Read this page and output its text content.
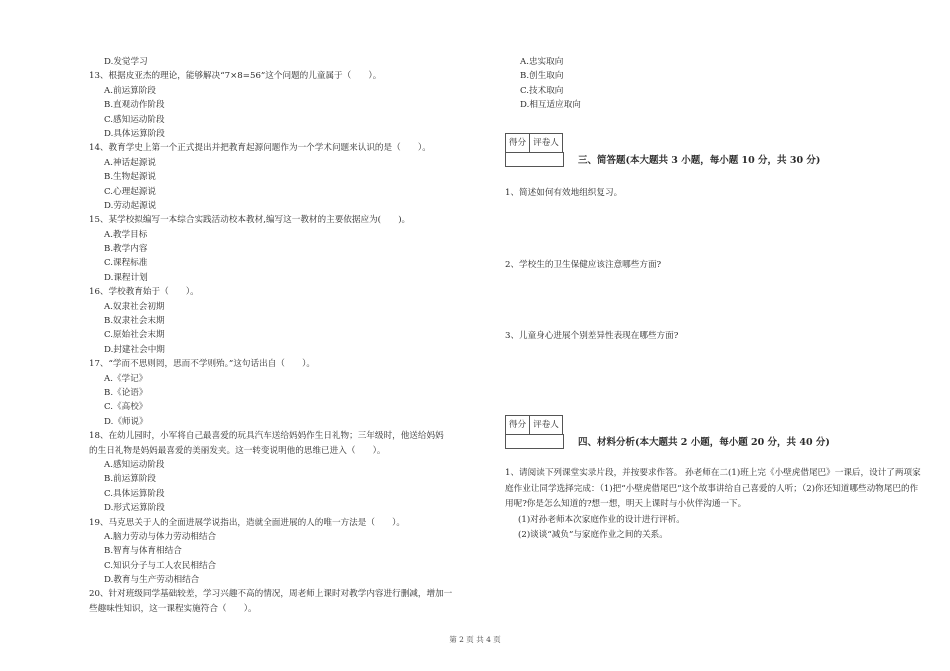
D.发觉学习
13、根据皮亚杰的理论，能够解决“7×8=56”这个问题的儿童属于（　　）。
A.前运算阶段
B.直观动作阶段
C.感知运动阶段
D.具体运算阶段
14、教育学史上第一个正式提出并把教育起源问题作为一个学术问题来认识的是（　　）。
A.神话起源说
B.生物起源说
C.心理起源说
D.劳动起源说
15、某学校拟编写一本综合实践活动校本教材,编写这一教材的主要依据应为(　　)。
A.教学目标
B.教学内容
C.课程标准
D.课程计划
16、学校教育始于（　　）。
A.奴隶社会初期
B.奴隶社会末期
C.原始社会末期
D.封建社会中期
17、“学而不思则罔，思而不学则殆。”这句话出自（　　）。
A.《学记》
B.《论语》
C.《高校》
D.《师说》
18、在幼儿园时，小军将自己最喜爱的玩具汽车送给妈妈作生日礼物；三年级时，他送给妈妈
的生日礼物是妈妈最喜爱的美丽发夹。这一转变说明他的思维已进入（　　）。
A.感知运动阶段
B.前运算阶段
C.具体运算阶段
D.形式运算阶段
19、马克思关于人的全面进展学说指出，造就全面进展的人的唯一方法是（　　）。
A.脑力劳动与体力劳动相结合
B.智育与体育相结合
C.知识分子与工人农民相结合
D.教育与生产劳动相结合
20、针对班级同学基础较差，学习兴趣不高的情况，周老师上课时对教学内容进行删减，增加一
些趣味性知识，这一课程实施符合（　　）。
A.忠实取向
B.创生取向
C.技术取向
D.相互适应取向
得分 评卷人
三、简答题(本大题共 3 小题，每小题 10 分，共 30 分)
1、简述如何有效地组织复习。
2、学校生的卫生保健应该注意哪些方面?
3、儿童身心进展个别差异性表现在哪些方面?
得分 评卷人
四、材料分析(本大题共 2 小题，每小题 20 分，共 40 分)
1、请阅读下列课堂实录片段，并按要求作答。 孙老师在二(1)班上完《小壁虎借尾巴》一课后，设计了两项家庭作业让同学选择完成：（1)把“小壁虎借尾巴”这个故事讲给自己喜爱的人听；（2)你还知道哪些动物尾巴的作用呢?你是怎么知道的?想一想，明天上课时与小伙伴沟通一下。
(1)对孙老师本次家庭作业的设计进行评析。
(2)谈谈“减负”与家庭作业之间的关系。
第 2 页 共 4 页
